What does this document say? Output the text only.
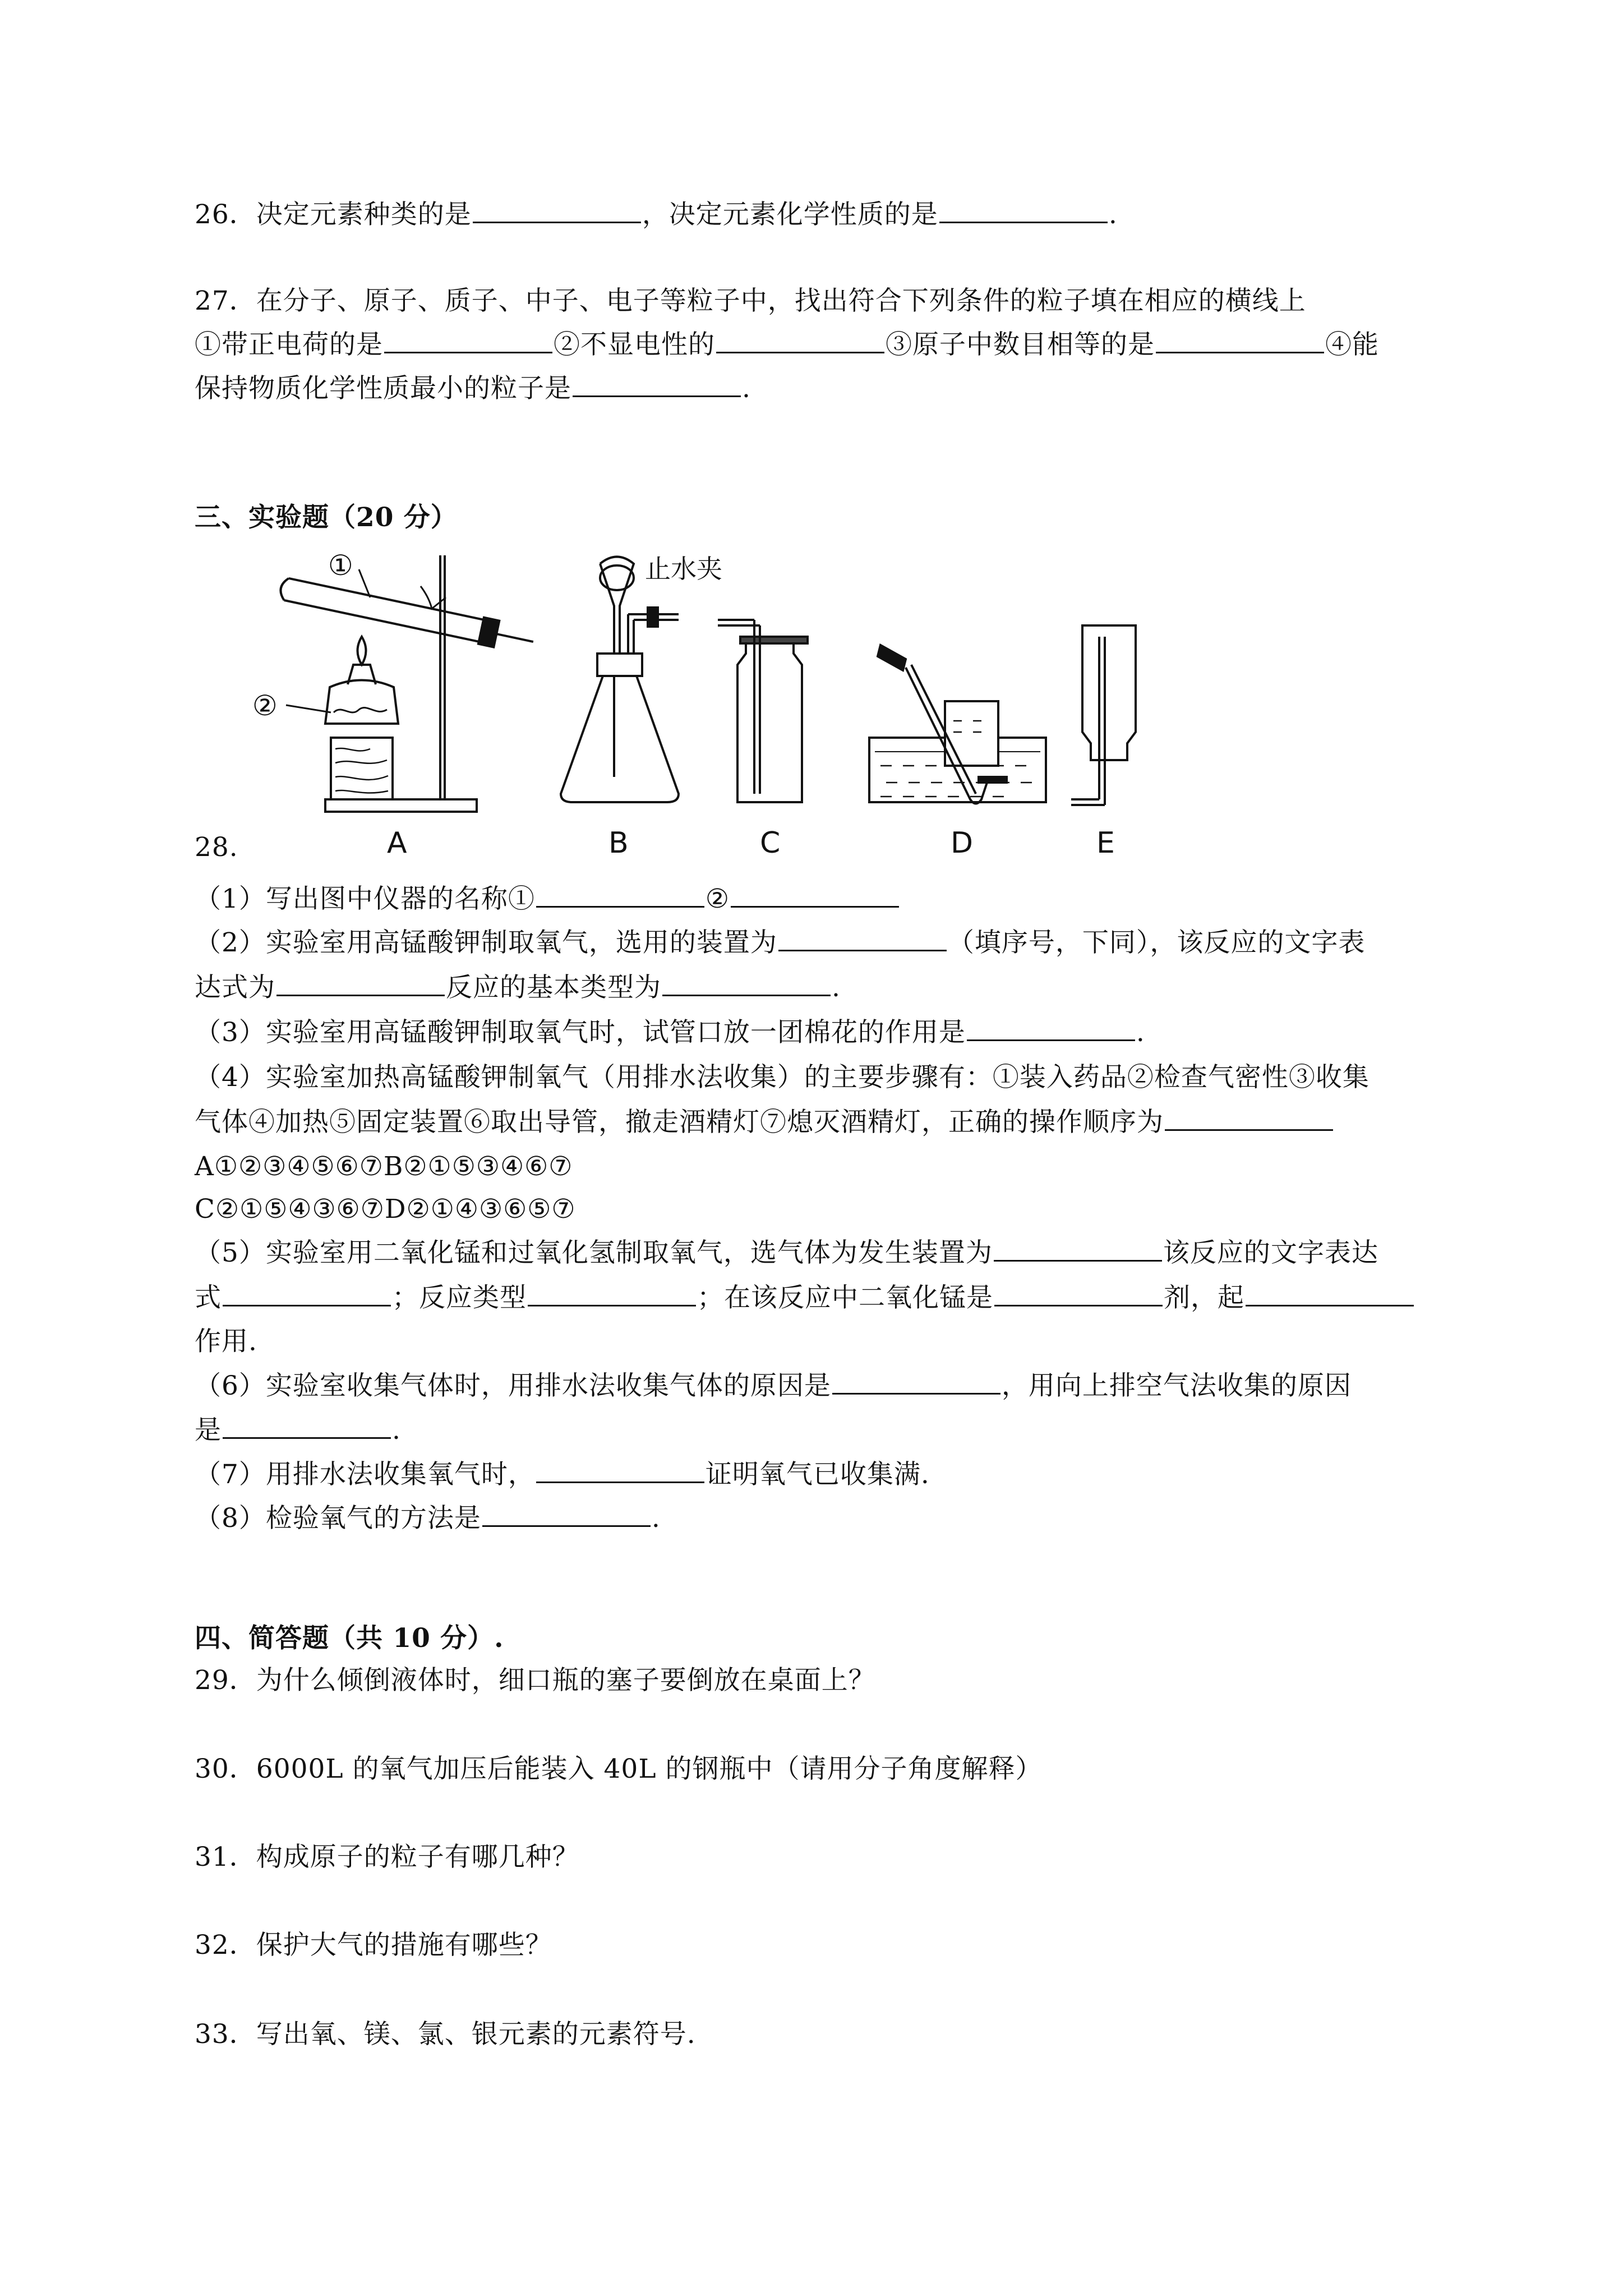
26．决定元素种类的是	，决定元素化学性质的是	.
27．在分子、原子、质子、中子、电子等粒子中，找出符合下列条件的粒子填在相应的横线上
①带正电荷的是	②不显电性的	③原子中数目相等的是	④能
保持物质化学性质最小的粒子是	.
三、实验题（20 分）
①
②
A
止水夹
B	C	D	E
28.
（1）写出图中仪器的名称①	②
（2）实验室用高锰酸钾制取氧气，选用的装置为	（填序号，下同），该反应的文字表
达式为	反应的基本类型为	.
（3）实验室用高锰酸钾制取氧气时，试管口放一团棉花的作用是	.
（4）实验室加热高锰酸钾制氧气（用排水法收集）的主要步骤有：①装入药品②检查气密性③收集
气体④加热⑤固定装置⑥取出导管，撤走酒精灯⑦熄灭酒精灯，正确的操作顺序为
A①②③④⑤⑥⑦B②①⑤③④⑥⑦
C②①⑤④③⑥⑦D②①④③⑥⑤⑦
（5）实验室用二氧化锰和过氧化氢制取氧气，选气体为发生装置为	该反应的文字表达
式	；反应类型	；在该反应中二氧化锰是	剂，起
作用.
（6）实验室收集气体时，用排水法收集气体的原因是	，用向上排空气法收集的原因
是	.
（7）用排水法收集氧气时，	证明氧气已收集满.
（8）检验氧气的方法是	.
四、简答题（共 10 分）.
29．为什么倾倒液体时，细口瓶的塞子要倒放在桌面上？
30．6000L 的氧气加压后能装入 40L 的钢瓶中（请用分子角度解释）
31．构成原子的粒子有哪几种？
32．保护大气的措施有哪些？
33．写出氧、镁、氯、银元素的元素符号.
